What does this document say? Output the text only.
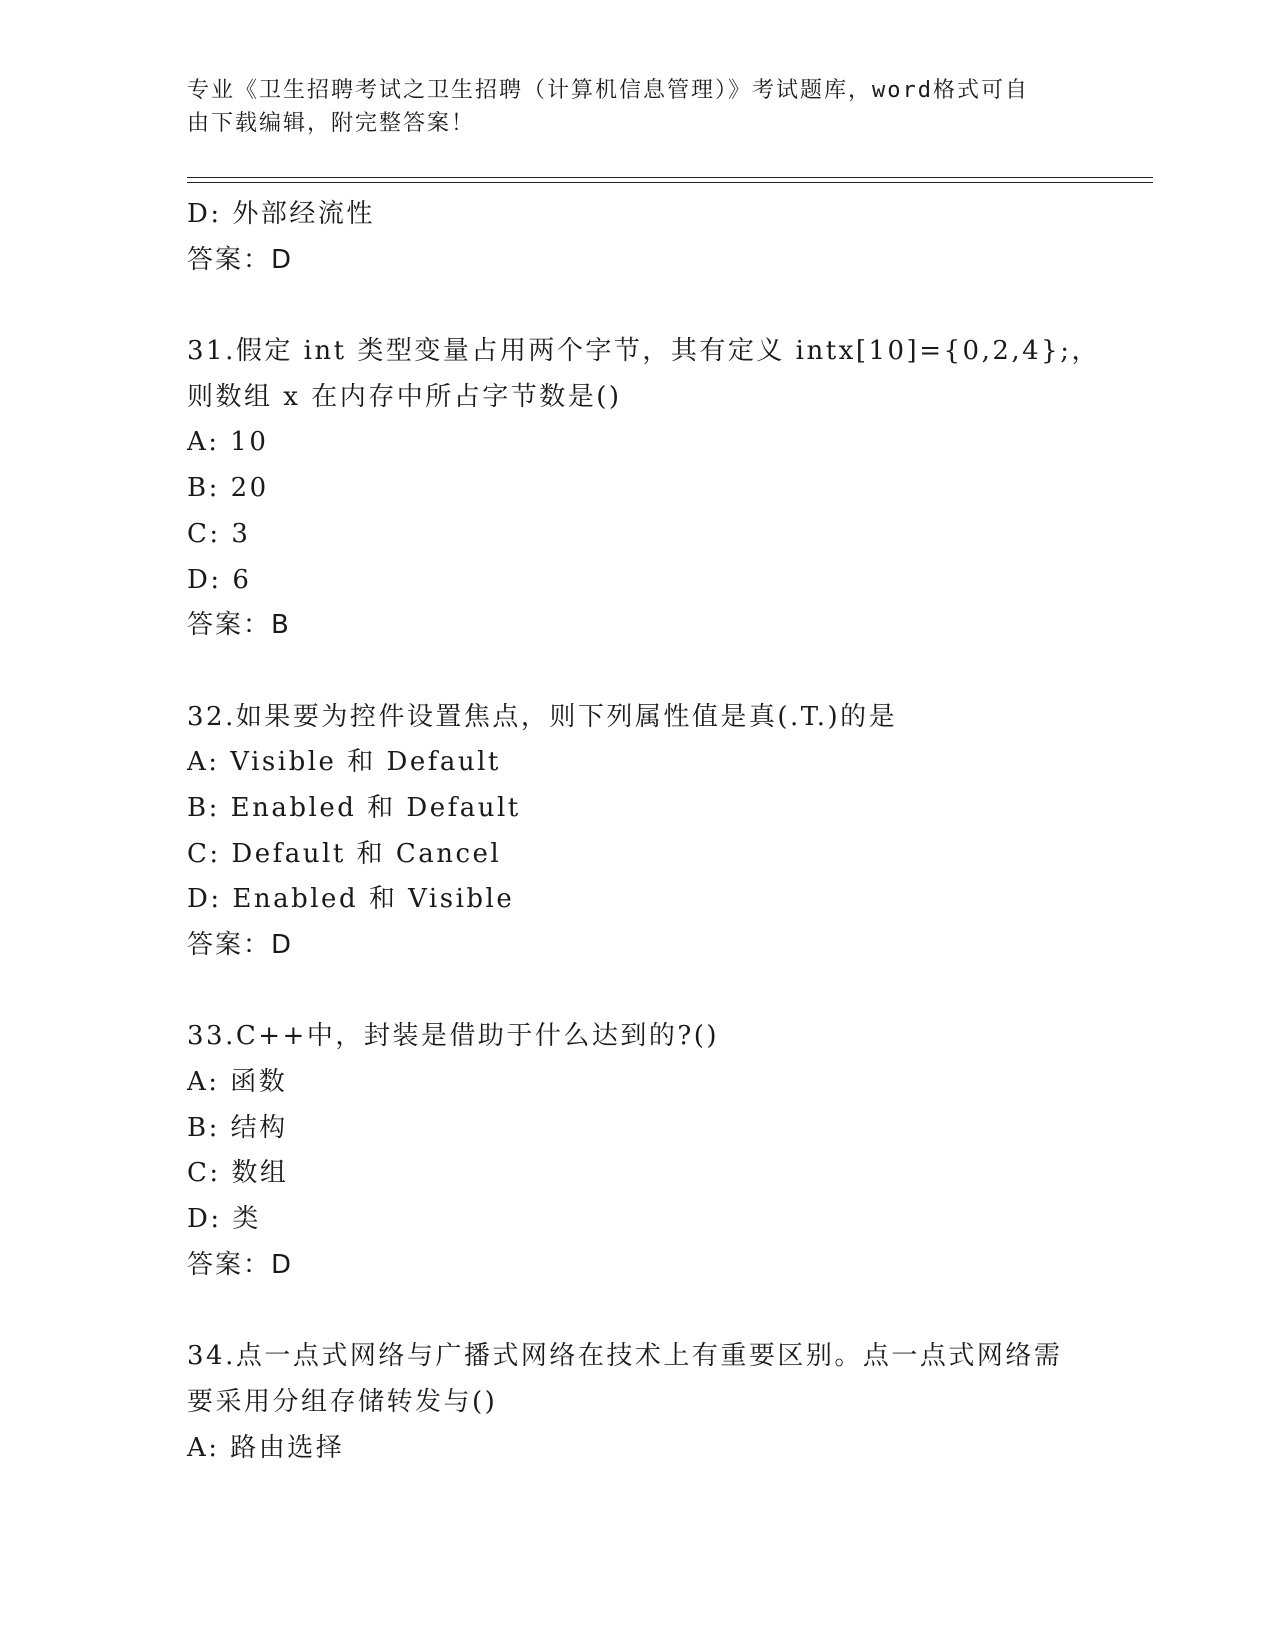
专业《卫生招聘考试之卫生招聘（计算机信息管理）》考试题库，word格式可自
由下载编辑，附完整答案！
D: 外部经流性
答案：D
31.假定 int 类型变量占用两个字节，其有定义 intx[10]={0,2,4};，
则数组 x 在内存中所占字节数是()
A: 10
B: 20
C: 3
D: 6
答案：B
32.如果要为控件设置焦点，则下列属性值是真(.T.)的是
A: Visible 和 Default
B: Enabled 和 Default
C: Default 和 Cancel
D: Enabled 和 Visible
答案：D
33.C++中，封装是借助于什么达到的?()
A: 函数
B: 结构
C: 数组
D: 类
答案：D
34.点一点式网络与广播式网络在技术上有重要区别。点一点式网络需
要采用分组存储转发与()
A: 路由选择
